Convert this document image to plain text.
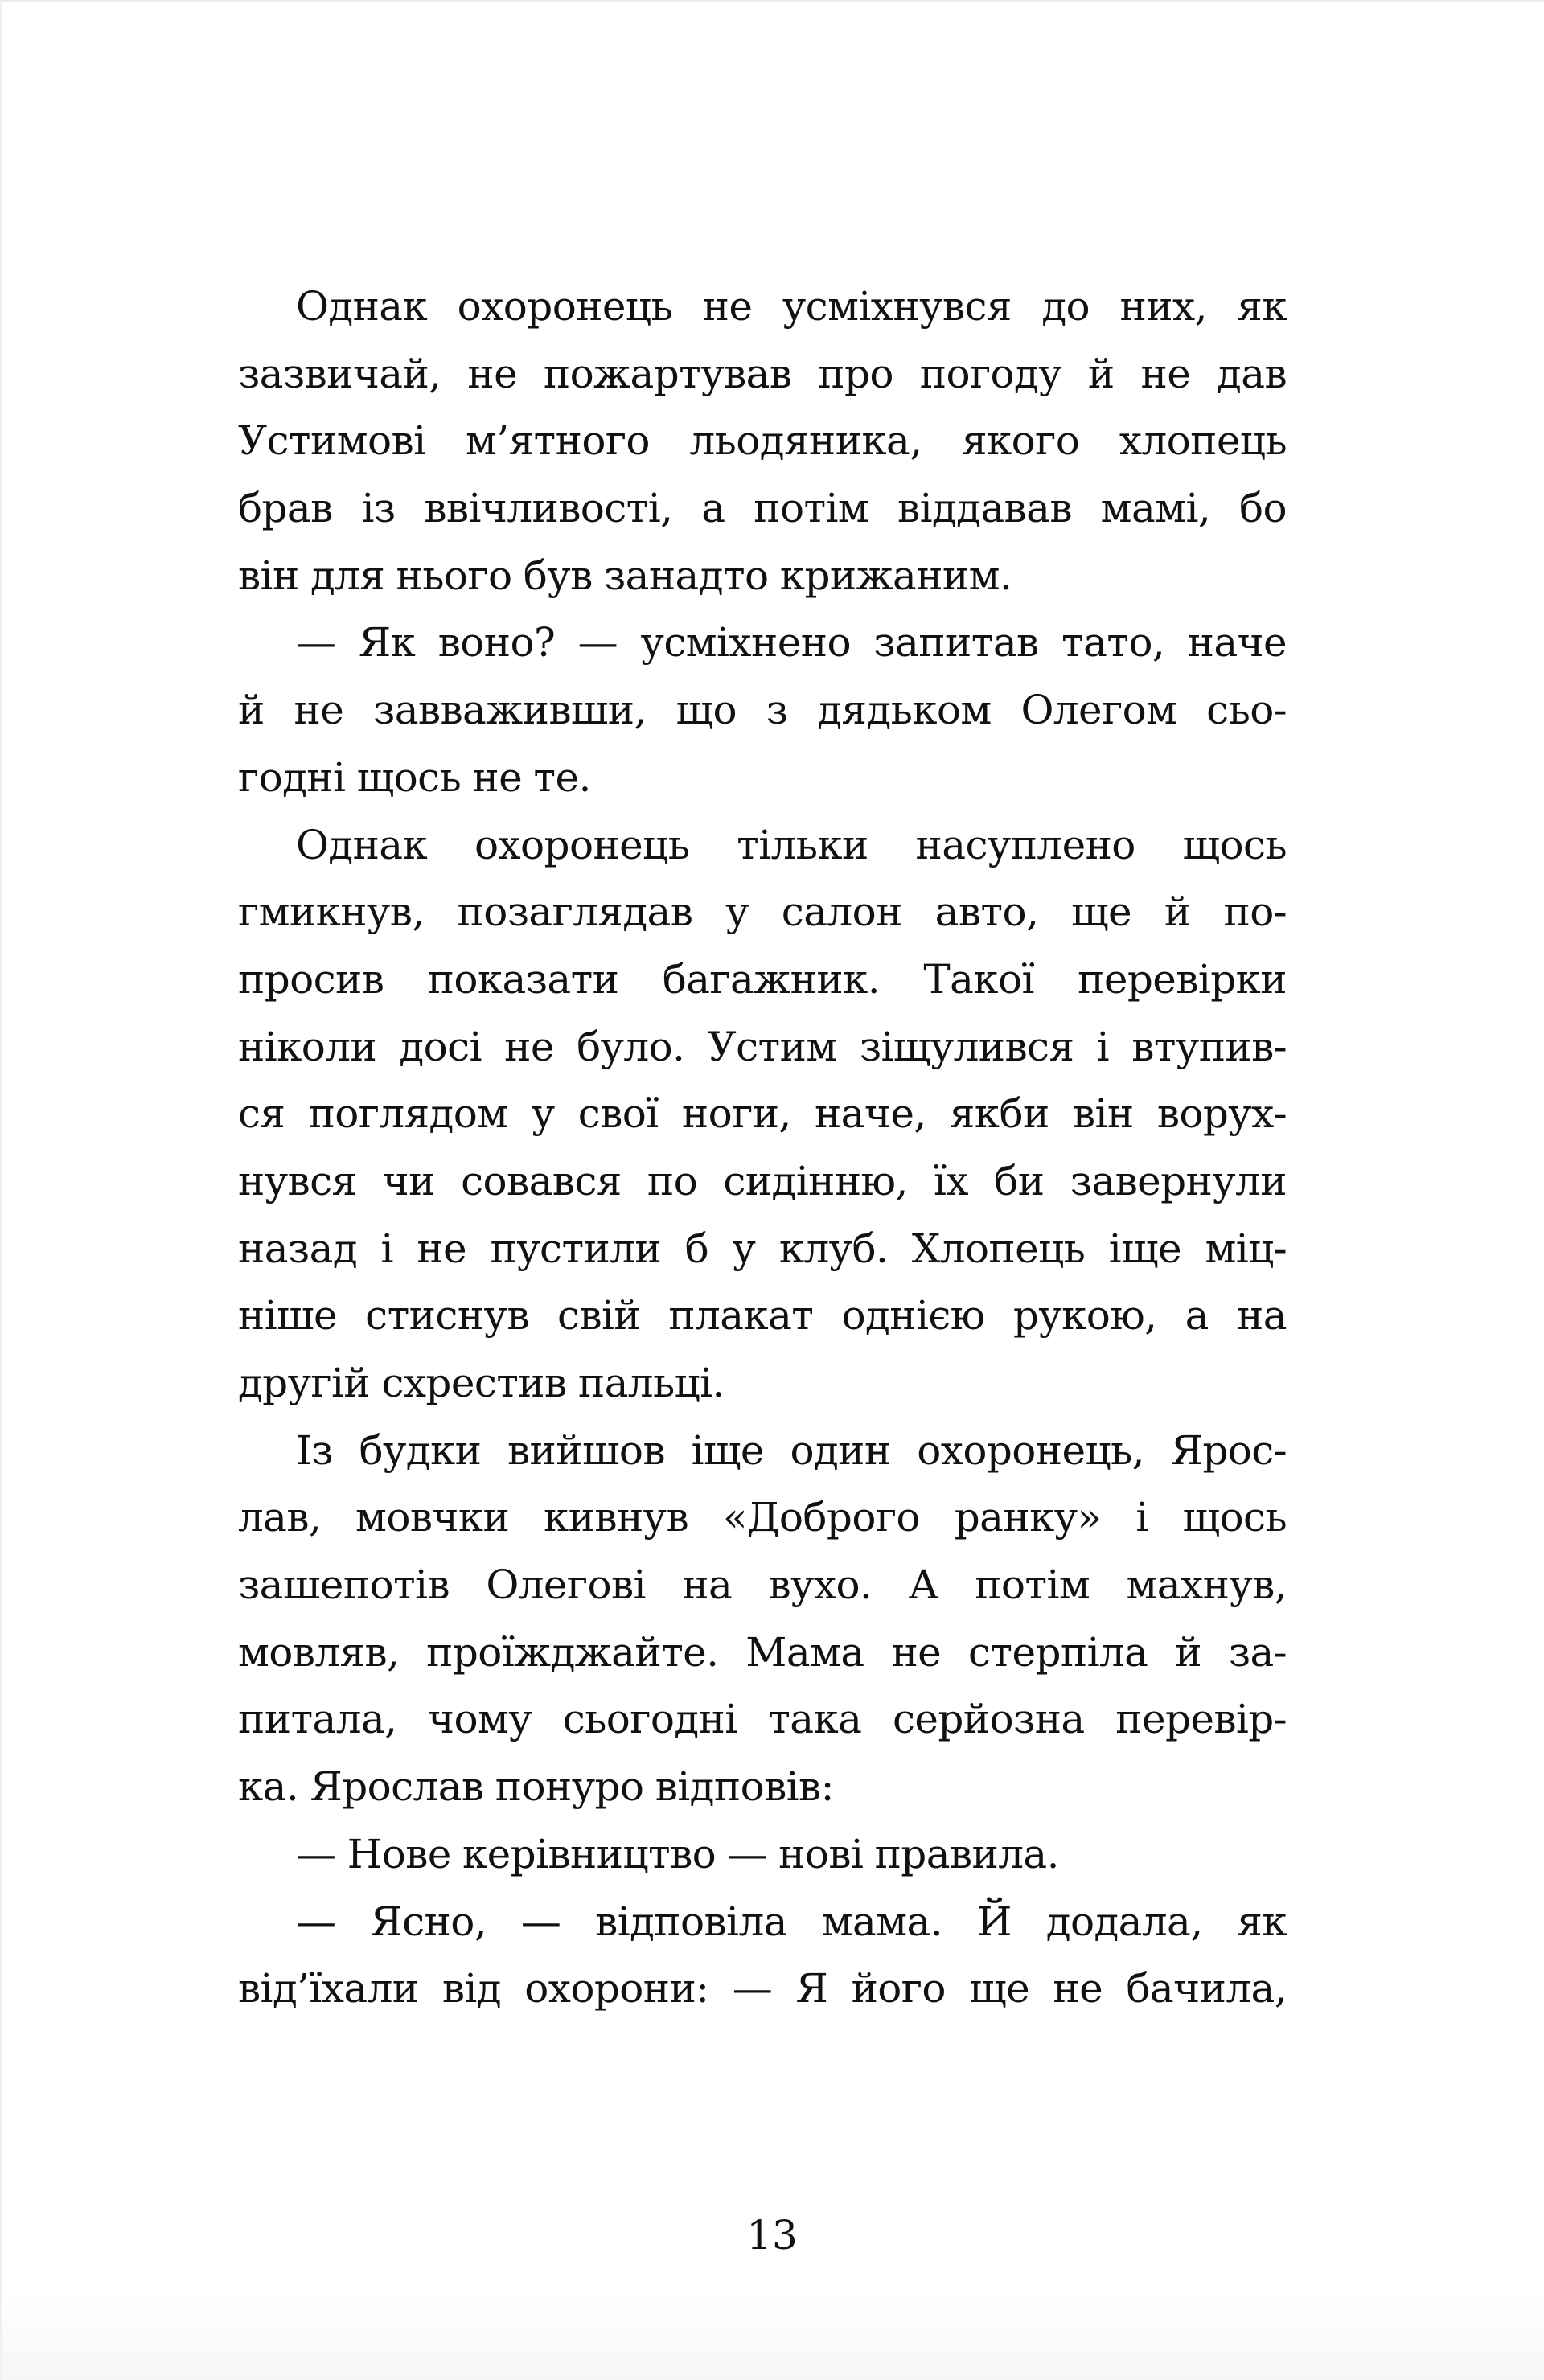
Однак охоронець не усміхнувся до них, як
зазвичай, не пожартував про погоду й не дав
Устимові м’ятного льодяника, якого хлопець
брав із ввічливості, а потім віддавав мамі, бо
він для нього був занадто крижаним.
— Як воно? — усміхнено запитав тато, наче
й не завваживши, що з дядьком Олегом сьо-
годні щось не те.
Однак охоронець тільки насуплено щось
гмикнув, позаглядав у салон авто, ще й по-
просив показати багажник. Такої перевірки
ніколи досі не було. Устим зіщулився і втупив-
ся поглядом у свої ноги, наче, якби він ворух-
нувся чи совався по сидінню, їх би завернули
назад і не пустили б у клуб. Хлопець іще міц-
ніше стиснув свій плакат однією рукою, а на
другій схрестив пальці.
Із будки вийшов іще один охоронець, Ярос-
лав, мовчки кивнув «Доброго ранку» і щось
зашепотів Олегові на вухо. А потім махнув,
мовляв, проїжджайте. Мама не стерпіла й за-
питала, чому сьогодні така серйозна перевір-
ка. Ярослав понуро відповів:
— Нове керівництво — нові правила.
— Ясно, — відповіла мама. Й додала, як
від’їхали від охорони: — Я його ще не бачила,
13
